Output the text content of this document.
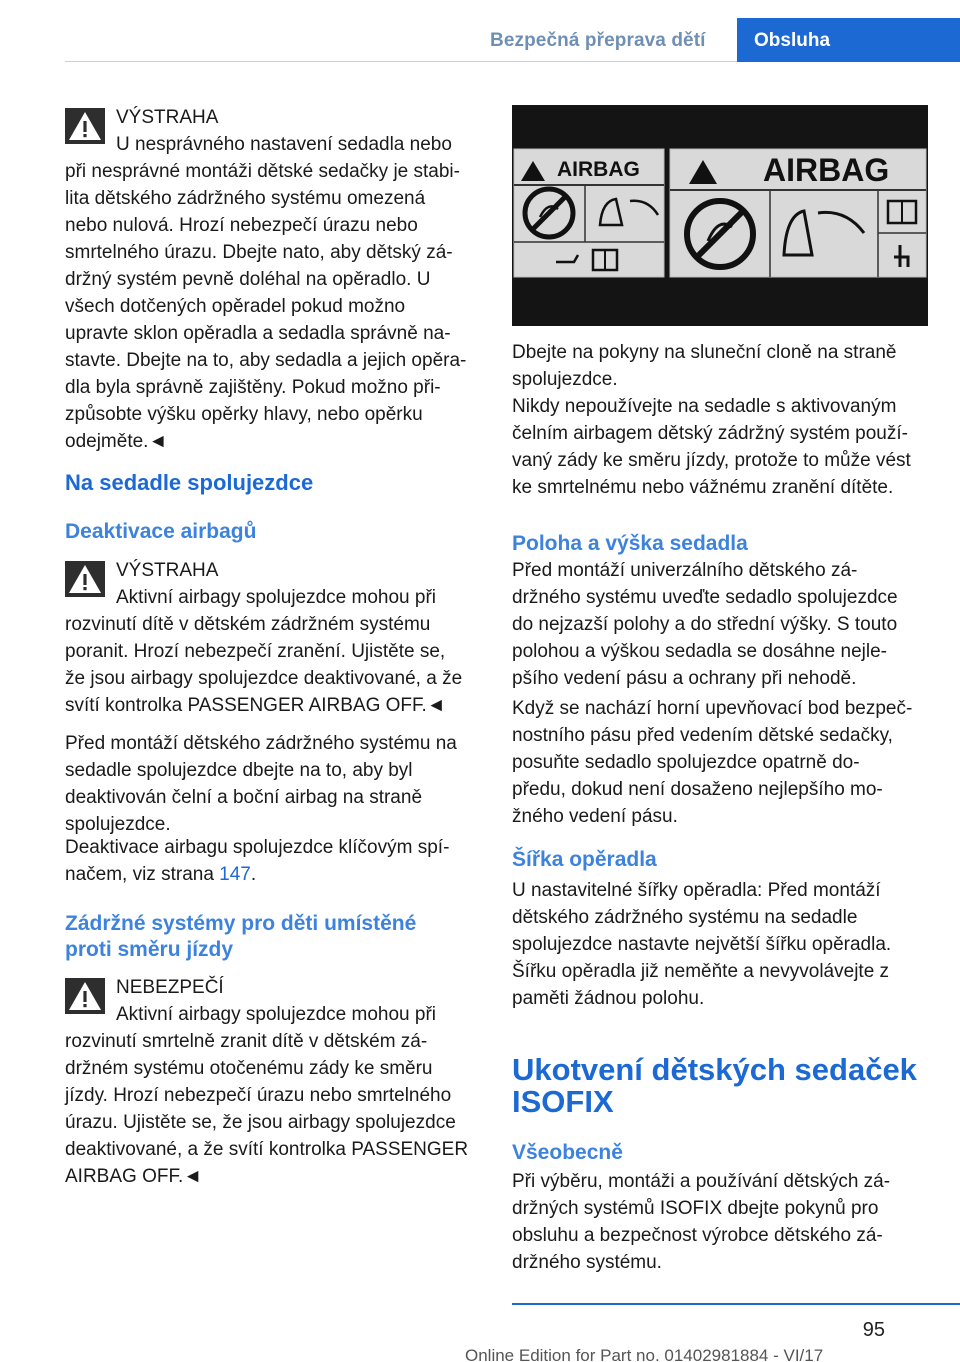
Bezpečná přeprava dětí	Obsluha
VÝSTRAHA
U nesprávného nastavení sedadla nebo
při nesprávné montáži dětské sedačky je stabi-
lita dětského zádržného systému omezená
nebo nulová. Hrozí nebezpečí úrazu nebo
smrtelného úrazu. Dbejte nato, aby dětský zá-
držný systém pevně doléhal na opěradlo. U
všech dotčených opěradel pokud možno
upravte sklon opěradla a sedadla správně na-
stavte. Dbejte na to, aby sedadla a jejich opěra-
dla byla správně zajištěny. Pokud možno při-
způsobte výšku opěrky hlavy, nebo opěrku
odejměte.◄
Na sedadle spolujezdce
Deaktivace airbagů
VÝSTRAHA
Aktivní airbagy spolujezdce mohou při
rozvinutí dítě v dětském zádržném systému
poranit. Hrozí nebezpečí zranění. Ujistěte se,
že jsou airbagy spolujezdce deaktivované, a že
svítí kontrolka PASSENGER AIRBAG OFF.◄

Před montáží dětského zádržného systému na

sedadle spolujezdce dbejte na to, aby byl

deaktivován čelní a boční airbag na straně

spolujezdce.

Deaktivace airbagu spolujezdce klíčovým spí-

načem, viz strana 147.

Zádržné systémy pro děti umístěné
proti směru jízdy
NEBEZPEČÍ
Aktivní airbagy spolujezdce mohou při
rozvinutí smrtelně zranit dítě v dětském zá-
držném systému otočenému zády ke směru
jízdy. Hrozí nebezpečí úrazu nebo smrtelného
úrazu. Ujistěte se, že jsou airbagy spolujezdce
deaktivované, a že svítí kontrolka PASSENGER
AIRBAG OFF.◄
AIRBAG	AIRBAG

Dbejte na pokyny na sluneční cloně na straně

spolujezdce.

Nikdy nepoužívejte na sedadle s aktivovaným

čelním airbagem dětský zádržný systém použí-

vaný zády ke směru jízdy, protože to může vést

ke smrtelnému nebo vážnému zranění dítěte.

Poloha a výška sedadla

Před montáží univerzálního dětského zá-

držného systému uveďte sedadlo spolujezdce

do nejzazší polohy a do střední výšky. S touto

polohou a výškou sedadla se dosáhne nejle-

pšího vedení pásu a ochrany při nehodě.

Když se nachází horní upevňovací bod bezpeč-

nostního pásu před vedením dětské sedačky,

posuňte sedadlo spolujezdce opatrně do-

předu, dokud není dosaženo nejlepšího mo-

žného vedení pásu.

Šířka opěradla

U nastavitelné šířky opěradla: Před montáží

dětského zádržného systému na sedadle

spolujezdce nastavte největší šířku opěradla.

Šířku opěradla již neměňte a nevyvolávejte z

paměti žádnou polohu.

Ukotvení dětských sedaček
ISOFIX
Všeobecně

Při výběru, montáži a používání dětských zá-

držných systémů ISOFIX dbejte pokynů pro

obsluhu a bezpečnost výrobce dětského zá-

držného systému.

95
Online Edition for Part no. 01402981884 - VI/17
